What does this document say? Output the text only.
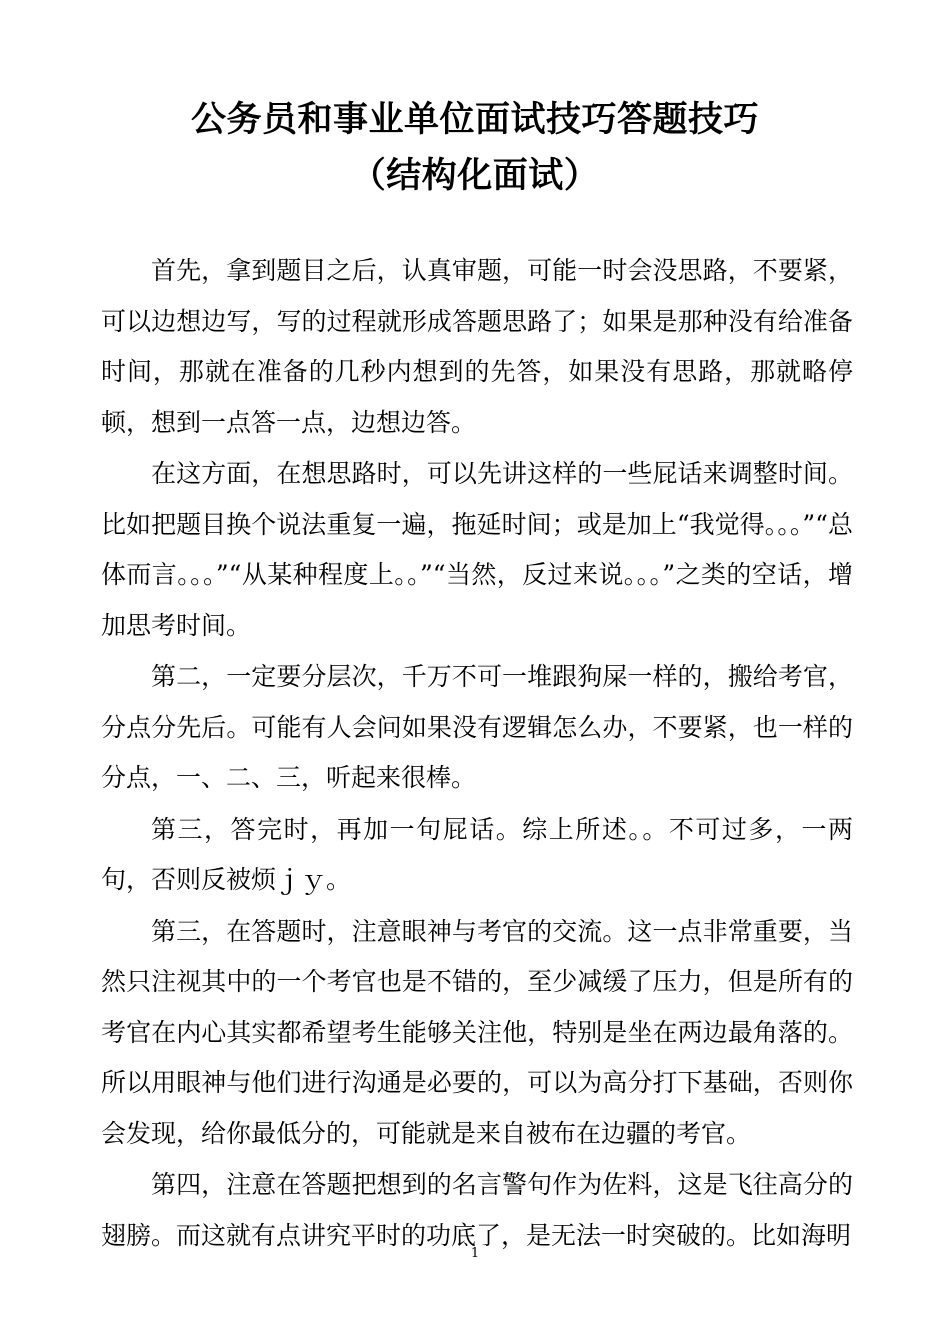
公务员和事业单位面试技巧答题技巧
（结构化面试）

首先，拿到题目之后，认真审题，可能一时会没思路，不要紧，可以边想边写，写的过程就形成答题思路了；如果是那种没有给准备时间，那就在准备的几秒内想到的先答，如果没有思路，那就略停顿，想到一点答一点，边想边答。

在这方面，在想思路时，可以先讲这样的一些屁话来调整时间。比如把题目换个说法重复一遍，拖延时间；或是加上“我觉得。。。”“总体而言。。。”“从某种程度上。。”“当然，反过来说。。。”之类的空话，增加思考时间。

第二，一定要分层次，千万不可一堆跟狗屎一样的，搬给考官，分点分先后。可能有人会问如果没有逻辑怎么办，不要紧，也一样的分点，一、二、三，听起来很棒。

第三，答完时，再加一句屁话。综上所述。。不可过多，一两句，否则反被烦ｊｙ。

第三，在答题时，注意眼神与考官的交流。这一点非常重要，当然只注视其中的一个考官也是不错的，至少减缓了压力，但是所有的考官在内心其实都希望考生能够关注他，特别是坐在两边最角落的。所以用眼神与他们进行沟通是必要的，可以为高分打下基础，否则你会发现，给你最低分的，可能就是来自被布在边疆的考官。

第四，注意在答题把想到的名言警句作为佐料，这是飞往高分的翅膀。而这就有点讲究平时的功底了，是无法一时突破的。比如海明

1
